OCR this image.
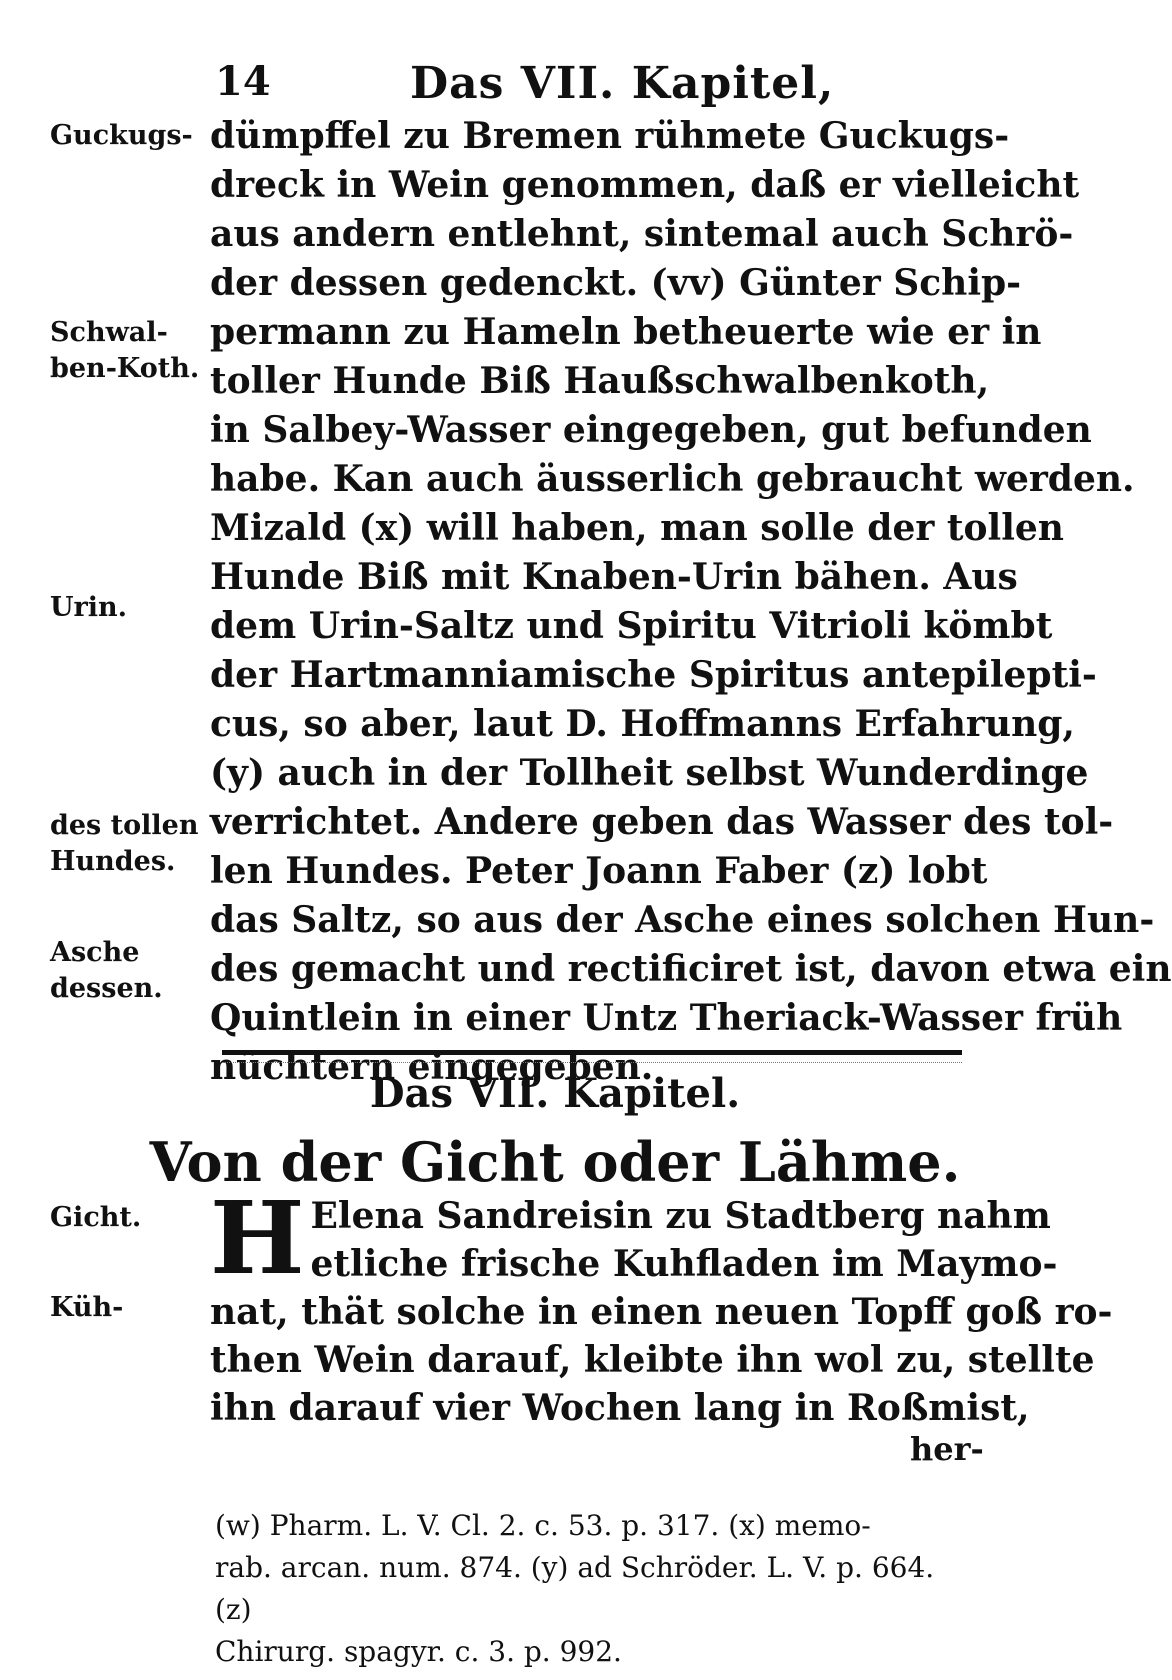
14	Das VII. Kapitel,
Guckugs-
Schwal-
ben-Koth.
Urin.
des tollen
Hundes.
Asche dessen.
Gicht.
Küh-
dümpffel zu Bremen rühmete Guckugs-
dreck in Wein genommen, daß er vielleicht
aus andern entlehnt, sintemal auch Schrö-
der dessen gedenckt. (vv) Günter Schip-
permann zu Hameln betheuerte wie er in
toller Hunde Biß Haußschwalbenkoth,
in Salbey-Wasser eingegeben, gut befunden
habe. Kan auch äusserlich gebraucht werden.
Mizald (x) will haben, man solle der tollen
Hunde Biß mit Knaben-Urin bähen. Aus
dem Urin-Saltz und Spiritu Vitrioli kömbt
der Hartmanniamische Spiritus antepilepti-
cus, so aber, laut D. Hoffmanns Erfahrung,
(y) auch in der Tollheit selbst Wunderdinge
verrichtet. Andere geben das Wasser des tol-
len Hundes. Peter Joann Faber (z) lobt
das Saltz, so aus der Asche eines solchen Hun-
des gemacht und rectificiret ist, davon etwa ein
Quintlein in einer Untz Theriack-Wasser früh
nüchtern eingegeben.
Das VII. Kapitel.
Von der Gicht oder Lähme.
H Elena Sandreisin zu Stadtberg nahm
etliche frische Kuhfladen im Maymo-
nat, thät solche in einen neuen Topff goß ro-
then Wein darauf, kleibte ihn wol zu, stellte
ihn darauf vier Wochen lang in Roßmist,
her-
(w) Pharm. L. V. Cl. 2. c. 53. p. 317. (x) memo-
rab. arcan. num. 874. (y) ad Schröder. L. V. p. 664. (z)
Chirurg. spagyr. c. 3. p. 992.
